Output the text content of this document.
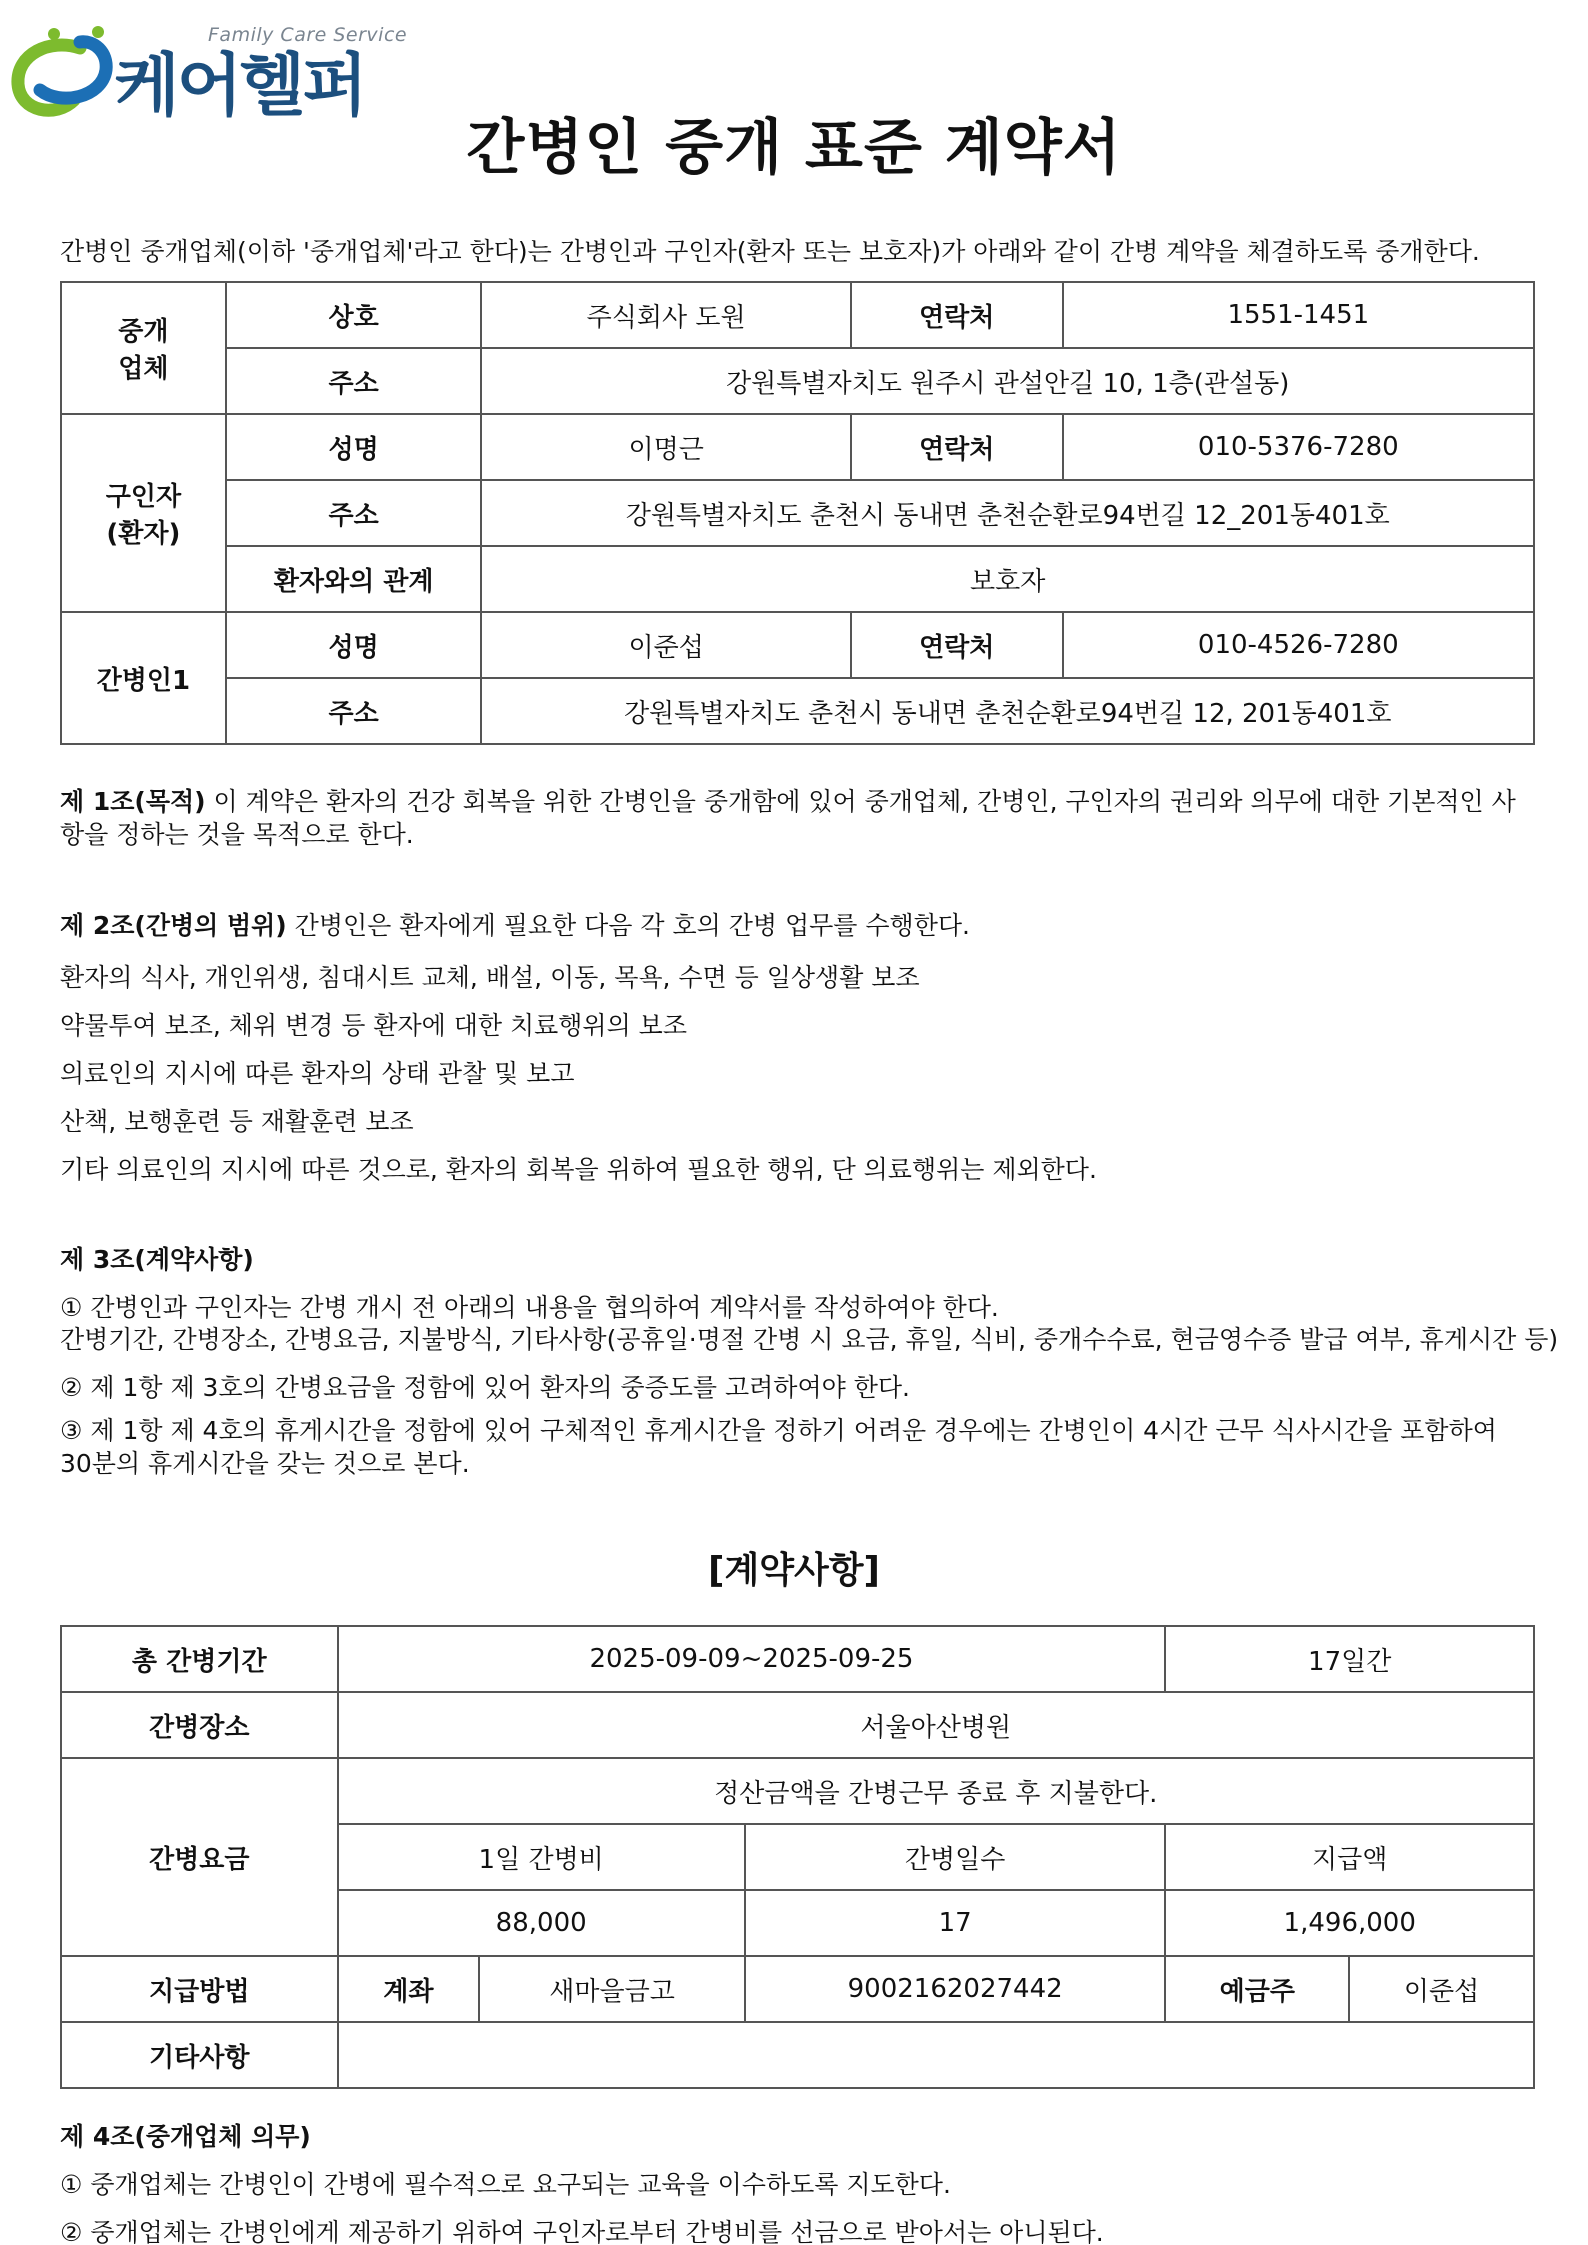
Family Care Service
케어헬퍼
간병인 중개 표준 계약서
간병인 중개업체(이하 '중개업체'라고 한다)는 간병인과 구인자(환자 또는 보호자)가 아래와 같이 간병 계약을 체결하도록 중개한다.
중개
업체	상호	주식회사 도원	연락처	1551-1451
	주소	강원특별자치도 원주시 관설안길 10, 1층(관설동)		
구인자
(환자)	성명	이명근	연락처	010-5376-7280
	주소	강원특별자치도 춘천시 동내면 춘천순환로94번길 12_201동401호		
	환자와의 관계	보호자		
간병인1	성명	이준섭	연락처	010-4526-7280
	주소	강원특별자치도 춘천시 동내면 춘천순환로94번길 12, 201동401호		
제 1조(목적) 이 계약은 환자의 건강 회복을 위한 간병인을 중개함에 있어 중개업체, 간병인, 구인자의 권리와 의무에 대한 기본적인 사항을 정하는 것을 목적으로 한다.
제 2조(간병의 범위) 간병인은 환자에게 필요한 다음 각 호의 간병 업무를 수행한다.
환자의 식사, 개인위생, 침대시트 교체, 배설, 이동, 목욕, 수면 등 일상생활 보조
약물투여 보조, 체위 변경 등 환자에 대한 치료행위의 보조
의료인의 지시에 따른 환자의 상태 관찰 및 보고
산책, 보행훈련 등 재활훈련 보조
기타 의료인의 지시에 따른 것으로, 환자의 회복을 위하여 필요한 행위, 단 의료행위는 제외한다.
제 3조(계약사항)
① 간병인과 구인자는 간병 개시 전 아래의 내용을 협의하여 계약서를 작성하여야 한다.
간병기간, 간병장소, 간병요금, 지불방식, 기타사항(공휴일·명절 간병 시 요금, 휴일, 식비, 중개수수료, 현금영수증 발급 여부, 휴게시간 등)
② 제 1항 제 3호의 간병요금을 정함에 있어 환자의 중증도를 고려하여야 한다.
③ 제 1항 제 4호의 휴게시간을 정함에 있어 구체적인 휴게시간을 정하기 어려운 경우에는 간병인이 4시간 근무 식사시간을 포함하여 30분의 휴게시간을 갖는 것으로 본다.
[계약사항]
총 간병기간	2025-09-09~2025-09-25			17일간	
간병장소	서울아산병원				
간병요금	정산금액을 간병근무 종료 후 지불한다.				
	1일 간병비		간병일수	지급액	
	88,000		17	1,496,000	
지급방법	계좌	새마을금고	9002162027442	예금주	이준섭
기타사항					
제 4조(중개업체 의무)
① 중개업체는 간병인이 간병에 필수적으로 요구되는 교육을 이수하도록 지도한다.
② 중개업체는 간병인에게 제공하기 위하여 구인자로부터 간병비를 선금으로 받아서는 아니된다.
